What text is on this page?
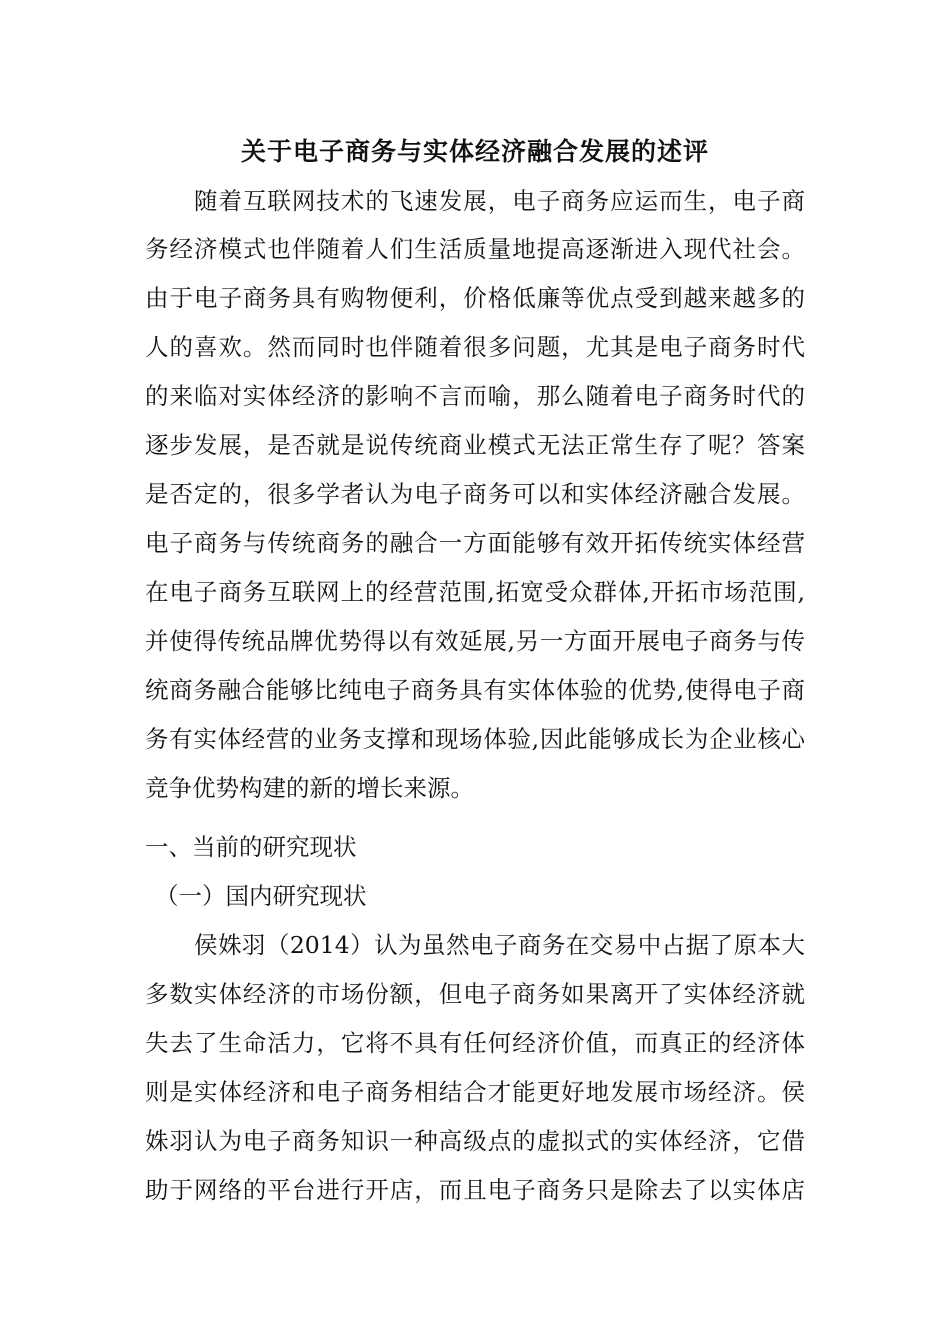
关于电子商务与实体经济融合发展的述评
随着互联网技术的飞速发展，电子商务应运而生，电子商
务经济模式也伴随着人们生活质量地提高逐渐进入现代社会。
由于电子商务具有购物便利，价格低廉等优点受到越来越多的
人的喜欢。然而同时也伴随着很多问题，尤其是电子商务时代
的来临对实体经济的影响不言而喻，那么随着电子商务时代的
逐步发展，是否就是说传统商业模式无法正常生存了呢？答案
是否定的，很多学者认为电子商务可以和实体经济融合发展。
电子商务与传统商务的融合一方面能够有效开拓传统实体经营
在电子商务互联网上的经营范围,拓宽受众群体,开拓市场范围,
并使得传统品牌优势得以有效延展,另一方面开展电子商务与传
统商务融合能够比纯电子商务具有实体体验的优势,使得电子商
务有实体经营的业务支撑和现场体验,因此能够成长为企业核心
竞争优势构建的新的增长来源。
一、当前的研究现状
（一）国内研究现状
侯姝羽（2014）认为虽然电子商务在交易中占据了原本大
多数实体经济的市场份额，但电子商务如果离开了实体经济就
失去了生命活力，它将不具有任何经济价值，而真正的经济体
则是实体经济和电子商务相结合才能更好地发展市场经济。侯
姝羽认为电子商务知识一种高级点的虚拟式的实体经济，它借
助于网络的平台进行开店，而且电子商务只是除去了以实体店
